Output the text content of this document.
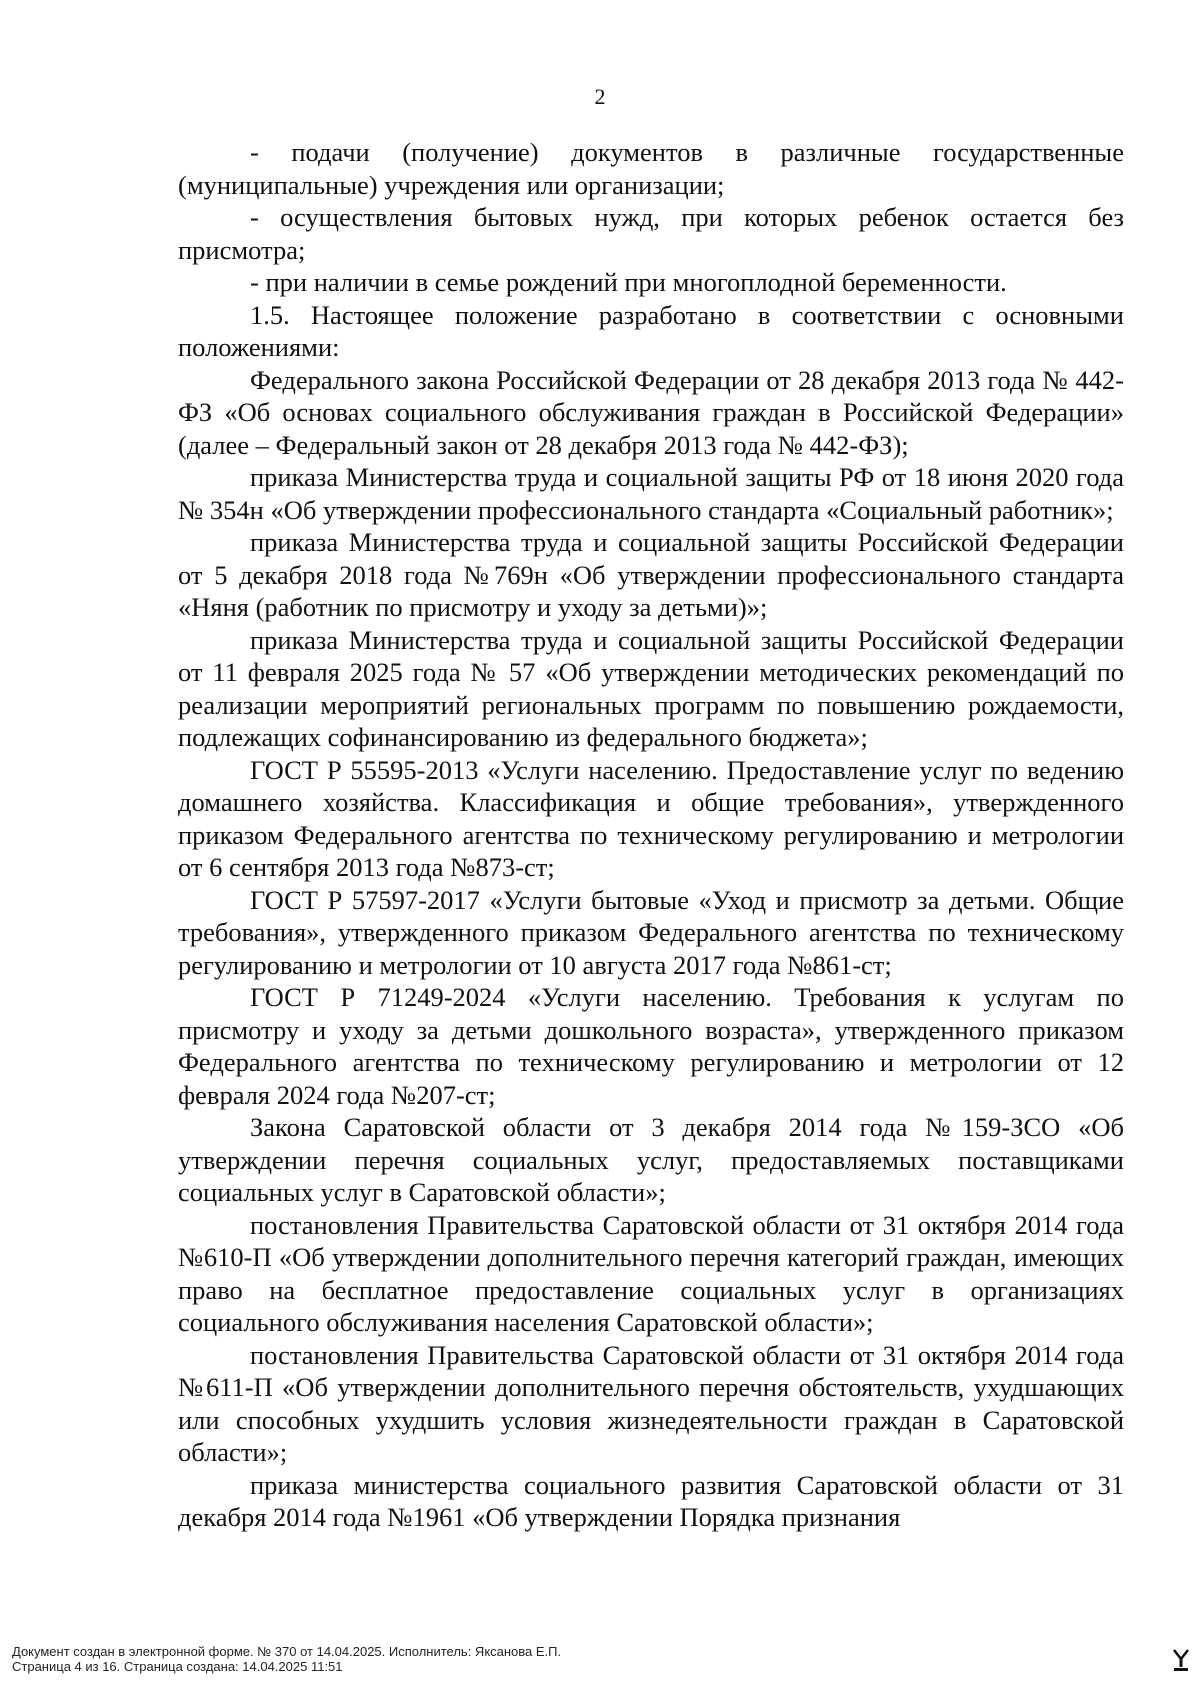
2

- подачи (получение) документов в различные государственные (муниципальные) учреждения или организации;

- осуществления бытовых нужд, при которых ребенок остается без присмотра;

- при наличии в семье рождений при многоплодной беременности.

1.5. Настоящее положение разработано в соответствии с основными положениями:

Федерального закона Российской Федерации от 28 декабря 2013 года № 442-ФЗ «Об основах социального обслуживания граждан в Российской Федерации» (далее – Федеральный закон от 28 декабря 2013 года № 442-ФЗ);

приказа Министерства труда и социальной защиты РФ от 18 июня 2020 года № 354н «Об утверждении профессионального стандарта «Социальный работник»;

приказа Министерства труда и социальной защиты Российской Федерации от 5 декабря 2018 года №769н «Об утверждении профессионального стандарта «Няня (работник по присмотру и уходу за детьми)»;

приказа Министерства труда и социальной защиты Российской Федерации от 11 февраля 2025 года № 57 «Об утверждении методических рекомендаций по реализации мероприятий региональных программ по повышению рождаемости, подлежащих софинансированию из федерального бюджета»;

ГОСТ Р 55595-2013 «Услуги населению. Предоставление услуг по ведению домашнего хозяйства. Классификация и общие требования», утвержденного приказом Федерального агентства по техническому регулированию и метрологии от 6 сентября 2013 года №873-ст;

ГОСТ Р 57597-2017 «Услуги бытовые «Уход и присмотр за детьми. Общие требования», утвержденного приказом Федерального агентства по техническому регулированию и метрологии от 10 августа 2017 года №861-ст;

ГОСТ Р 71249-2024 «Услуги населению. Требования к услугам по присмотру и уходу за детьми дошкольного возраста», утвержденного приказом Федерального агентства по техническому регулированию и метрологии от 12 февраля 2024 года №207-ст;

Закона Саратовской области от 3 декабря 2014 года №159-ЗСО «Об утверждении перечня социальных услуг, предоставляемых поставщиками социальных услуг в Саратовской области»;

постановления Правительства Саратовской области от 31 октября 2014 года №610-П «Об утверждении дополнительного перечня категорий граждан, имеющих право на бесплатное предоставление социальных услуг в организациях социального обслуживания населения Саратовской области»;

постановления Правительства Саратовской области от 31 октября 2014 года №611-П «Об утверждении дополнительного перечня обстоятельств, ухудшающих или способных ухудшить условия жизнедеятельности граждан в Саратовской области»;

приказа министерства социального развития Саратовской области от 31 декабря 2014 года №1961 «Об утверждении Порядка признания

Документ создан в электронной форме. № 370 от 14.04.2025. Исполнитель: Яксанова Е.П.
Страница 4 из 16. Страница создана: 14.04.2025 11:51
